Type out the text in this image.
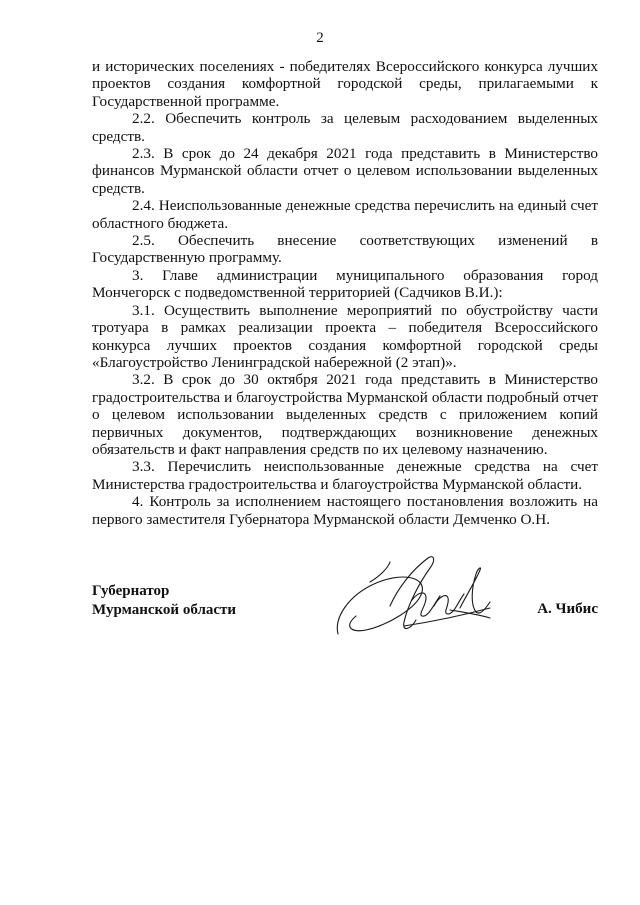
2

и исторических поселениях - победителях Всероссийского конкурса лучших проектов создания комфортной городской среды, прилагаемыми к Государственной программе.

2.2. Обеспечить контроль за целевым расходованием выделенных средств.

2.3. В срок до 24 декабря 2021 года представить в Министерство финансов Мурманской области отчет о целевом использовании выделенных средств.

2.4. Неиспользованные денежные средства перечислить на единый счет областного бюджета.

2.5. Обеспечить внесение соответствующих изменений в Государственную программу.

3. Главе администрации муниципального образования город Мончегорск с подведомственной территорией (Садчиков В.И.):

3.1. Осуществить выполнение мероприятий по обустройству части тротуара в рамках реализации проекта – победителя Всероссийского конкурса лучших проектов создания комфортной городской среды «Благоустройство Ленинградской набережной (2 этап)».

3.2. В срок до 30 октября 2021 года представить в Министерство градостроительства и благоустройства Мурманской области подробный отчет о целевом использовании выделенных средств с приложением копий первичных документов, подтверждающих возникновение денежных обязательств и факт направления средств по их целевому назначению.

3.3. Перечислить неиспользованные денежные средства на счет Министерства градостроительства и благоустройства Мурманской области.

4. Контроль за исполнением настоящего постановления возложить на первого заместителя Губернатора Мурманской области Демченко О.Н.

Губернатор
Мурманской области	А. Чибис
